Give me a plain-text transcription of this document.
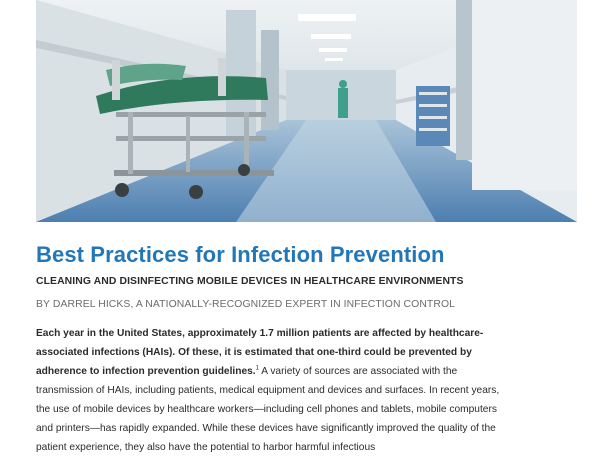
Best Practices for Infection Prevention
CLEANING AND DISINFECTING MOBILE DEVICES IN HEALTHCARE ENVIRONMENTS
BY DARREL HICKS, A NATIONALLY-RECOGNIZED EXPERT IN INFECTION CONTROL
Each year in the United States, approximately 1.7 million patients are affected by healthcare-associated infections (HAIs). Of these, it is estimated that one-third could be prevented by adherence to infection prevention guidelines.$^1$ A variety of sources are associated with the transmission of HAIs, including patients, medical equipment and devices and surfaces. In recent years, the use of mobile devices by healthcare workers—including cell phones and tablets, mobile computers and printers—has rapidly expanded. While these devices have significantly improved the quality of the patient experience, they also have the potential to harbor harmful infectious
